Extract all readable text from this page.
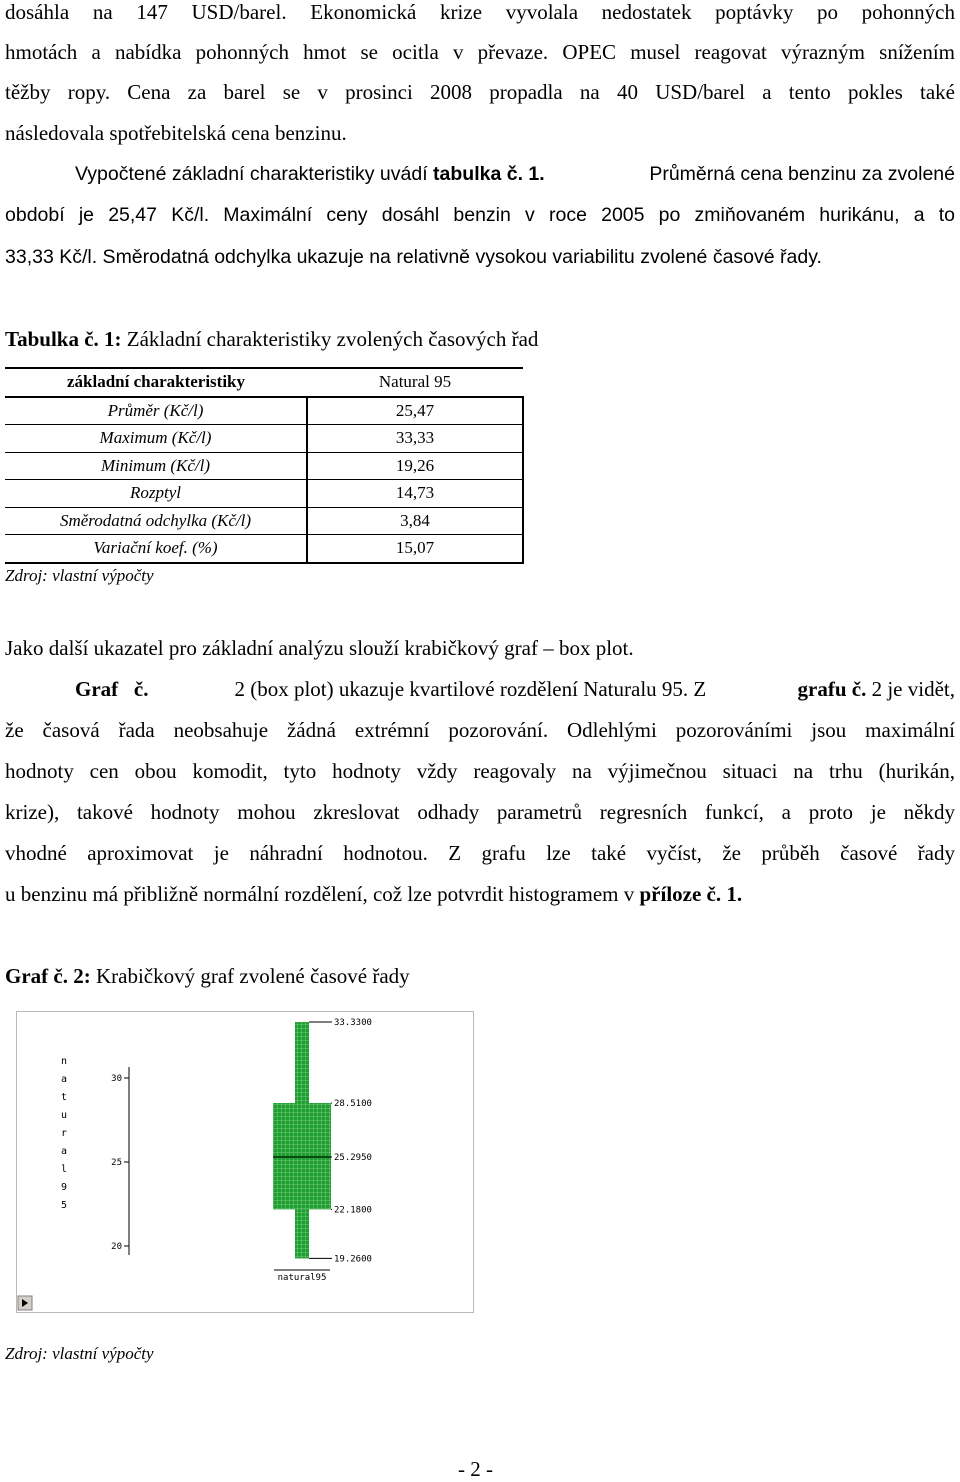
dosáhla na 147 USD/barel. Ekonomická krize vyvolala nedostatek poptávky po pohonných
hmotách a nabídka pohonných hmot se ocitla v převaze. OPEC musel reagovat výrazným snížením
těžby ropy. Cena za barel se v prosinci 2008 propadla na 40 USD/barel a tento pokles také
následovala spotřebitelská cena benzinu.
Vypočtené základní charakteristiky uvádí tabulka č. 1.	Průměrná cena benzinu za zvolené
období je 25,47 Kč/l. Maximální ceny dosáhl benzin v roce 2005 po zmiňovaném hurikánu, a to
33,33 Kč/l. Směrodatná odchylka ukazuje na relativně vysokou variabilitu zvolené časové řady.
Tabulka č. 1: Základní charakteristiky zvolených časových řad
základní charakteristiky	Natural 95
Průměr (Kč/l)	25,47
Maximum (Kč/l)	33,33
Minimum (Kč/l)	19,26
Rozptyl	14,73
Směrodatná odchylka (Kč/l)	3,84
Variační koef. (%)	15,07
Zdroj: vlastní výpočty
Jako další ukazatel pro základní analýzu slouží krabičkový graf – box plot.
Graf č.	2 (box plot) ukazuje kvartilové rozdělení Naturalu 95. Z	grafu č. 2 je vidět,
že časová řada neobsahuje žádná extrémní pozorování. Odlehlými pozorováními jsou maximální
hodnoty cen obou komodit, tyto hodnoty vždy reagovaly na výjimečnou situaci na trhu (hurikán,
krize), takové hodnoty mohou zkreslovat odhady parametrů regresních funkcí, a proto je někdy
vhodné aproximovat je náhradní hodnotou. Z grafu lze také vyčíst, že průběh časové řady
u benzinu má přibližně normální rozdělení, což lze potvrdit histogramem v příloze č. 1.
Graf č. 2: Krabičkový graf zvolené časové řady
20
25
30
n
a
t
u
r
a
l
9
5
33.3300
28.5100
25.2950
22.1800
19.2600
natural95
Zdroj: vlastní výpočty
- 2 -
